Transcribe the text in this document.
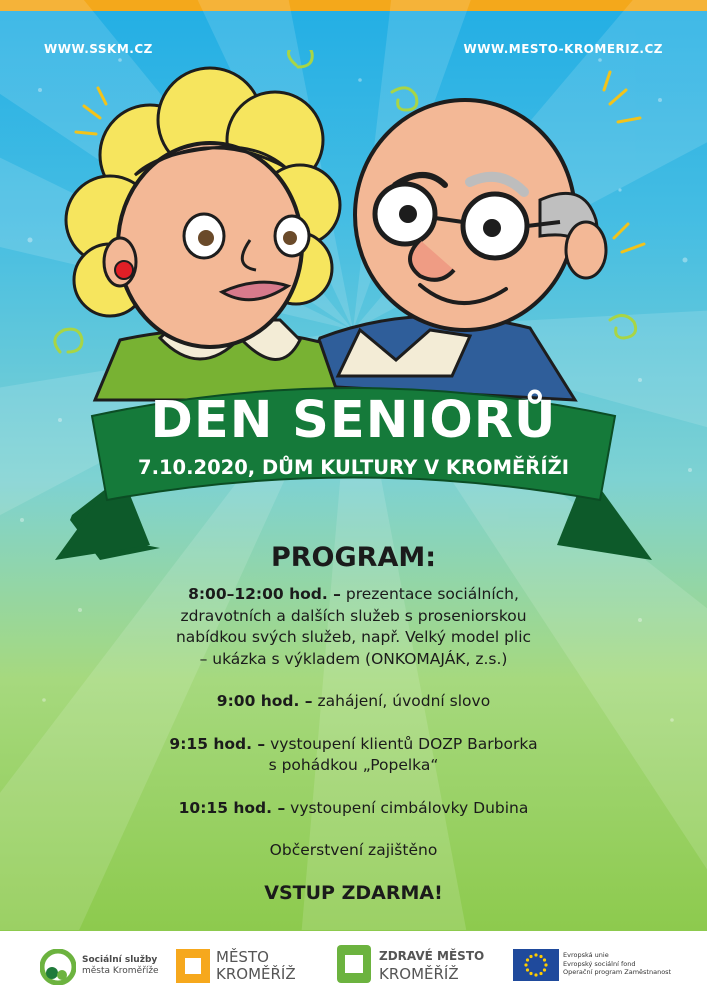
WWW.SSKM.CZ	WWW.MESTO-KROMERIZ.CZ
DEN SENIORŮ
7.10.2020, DŮM KULTURY V KROMĚŘÍŽI
PROGRAM:
8:00–12:00 hod. – prezentace sociálních,
zdravotních a dalších služeb s proseniorskou
nabídkou svých služeb, např. Velký model plic
– ukázka s výkladem (ONKOMAJÁK, z.s.)
9:00 hod. – zahájení, úvodní slovo
9:15 hod. – vystoupení klientů DOZP Barborka
s pohádkou „Popelka“
10:15 hod. – vystoupení cimbálovky Dubina
Občerstvení zajištěno
VSTUP ZDARMA!
Sociální služby
města Kroměříže
MĚSTO
KROMĚŘÍŽ
ZDRAVÉ MĚSTO
KROMĚŘÍŽ
Evropská unie
Evropský sociální fond
Operační program Zaměstnanost
